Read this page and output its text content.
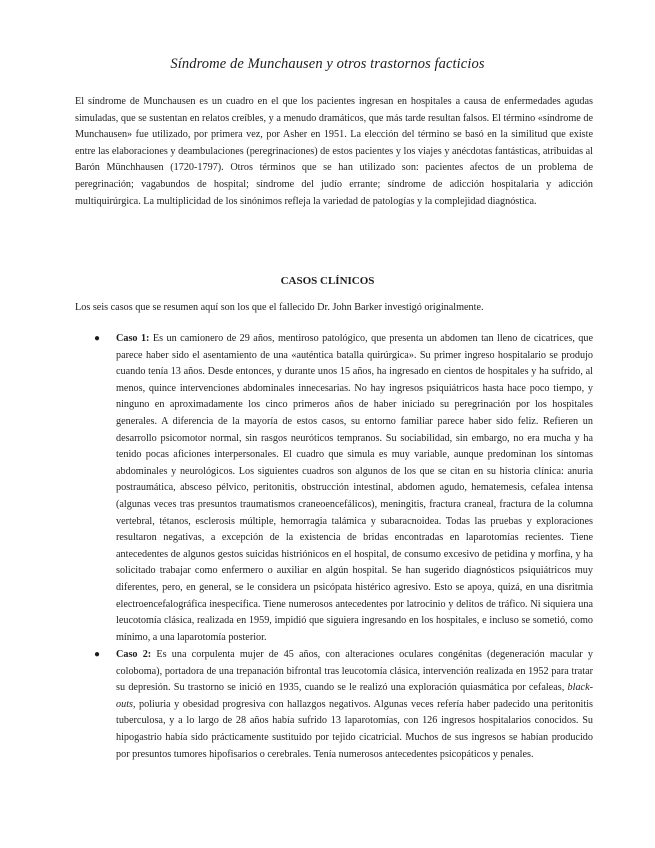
Síndrome de Munchausen y otros trastornos facticios

El síndrome de Munchausen es un cuadro en el que los pacientes ingresan en hospitales a causa de enfermedades agudas simuladas, que se sustentan en relatos creíbles, y a menudo dramáticos, que más tarde resultan falsos. El término «síndrome de Munchausen» fue utilizado, por primera vez, por Asher en 1951. La elección del término se basó en la similitud que existe entre las elaboraciones y deambulaciones (peregrinaciones) de estos pacientes y los viajes y anécdotas fantásticas, atribuidas al Barón Münchhausen (1720-1797). Otros términos que se han utilizado son: pacientes afectos de un problema de peregrinación; vagabundos de hospital; síndrome del judío errante; síndrome de adicción hospitalaria y adicción multiquirúrgica. La multiplicidad de los sinónimos refleja la variedad de patologías y la complejidad diagnóstica.

CASOS CLÍNICOS

Los seis casos que se resumen aquí son los que el fallecido Dr. John Barker investigó originalmente.

● Caso 1: Es un camionero de 29 años, mentiroso patológico, que presenta un abdomen tan lleno de cicatrices, que parece haber sido el asentamiento de una «auténtica batalla quirúrgica». Su primer ingreso hospitalario se produjo cuando tenía 13 años. Desde entonces, y durante unos 15 años, ha ingresado en cientos de hospitales y ha sufrido, al menos, quince intervenciones abdominales innecesarias. No hay ingresos psiquiátricos hasta hace poco tiempo, y ninguno en aproximadamente los cinco primeros años de haber iniciado su peregrinación por los hospitales generales. A diferencia de la mayoría de estos casos, su entorno familiar parece haber sido feliz. Refieren un desarrollo psicomotor normal, sin rasgos neuróticos tempranos. Su sociabilidad, sin embargo, no era mucha y ha tenido pocas aficiones interpersonales. El cuadro que simula es muy variable, aunque predominan los síntomas abdominales y neurológicos. Los siguientes cuadros son algunos de los que se citan en su historia clínica: anuria postraumática, absceso pélvico, peritonitis, obstrucción intestinal, abdomen agudo, hematemesis, cefalea intensa (algunas veces tras presuntos traumatismos craneoencefálicos), meningitis, fractura craneal, fractura de la columna vertebral, tétanos, esclerosis múltiple, hemorragia talámica y subaracnoidea. Todas las pruebas y exploraciones resultaron negativas, a excepción de la existencia de bridas encontradas en laparotomías recientes. Tiene antecedentes de algunos gestos suicidas histriónicos en el hospital, de consumo excesivo de petidina y morfina, y ha solicitado trabajar como enfermero o auxiliar en algún hospital. Se han sugerido diagnósticos psiquiátricos muy diferentes, pero, en general, se le considera un psicópata histérico agresivo. Esto se apoya, quizá, en una disritmia electroencefalográfica inespecífica. Tiene numerosos antecedentes por latrocinio y delitos de tráfico. Ni siquiera una leucotomía clásica, realizada en 1959, impidió que siguiera ingresando en los hospitales, e incluso se sometió, como mínimo, a una laparotomía posterior.

● Caso 2: Es una corpulenta mujer de 45 años, con alteraciones oculares congénitas (degeneración macular y coloboma), portadora de una trepanación bifrontal tras leucotomía clásica, intervención realizada en 1952 para tratar su depresión. Su trastorno se inició en 1935, cuando se le realizó una exploración quiasmática por cefaleas, black-outs, poliuria y obesidad progresiva con hallazgos negativos. Algunas veces refería haber padecido una peritonitis tuberculosa, y a lo largo de 28 años había sufrido 13 laparotomías, con 126 ingresos hospitalarios conocidos. Su hipogastrio había sido prácticamente sustituido por tejido cicatricial. Muchos de sus ingresos se habían producido por presuntos tumores hipofisarios o cerebrales. Tenía numerosos antecedentes psicopáticos y penales.
